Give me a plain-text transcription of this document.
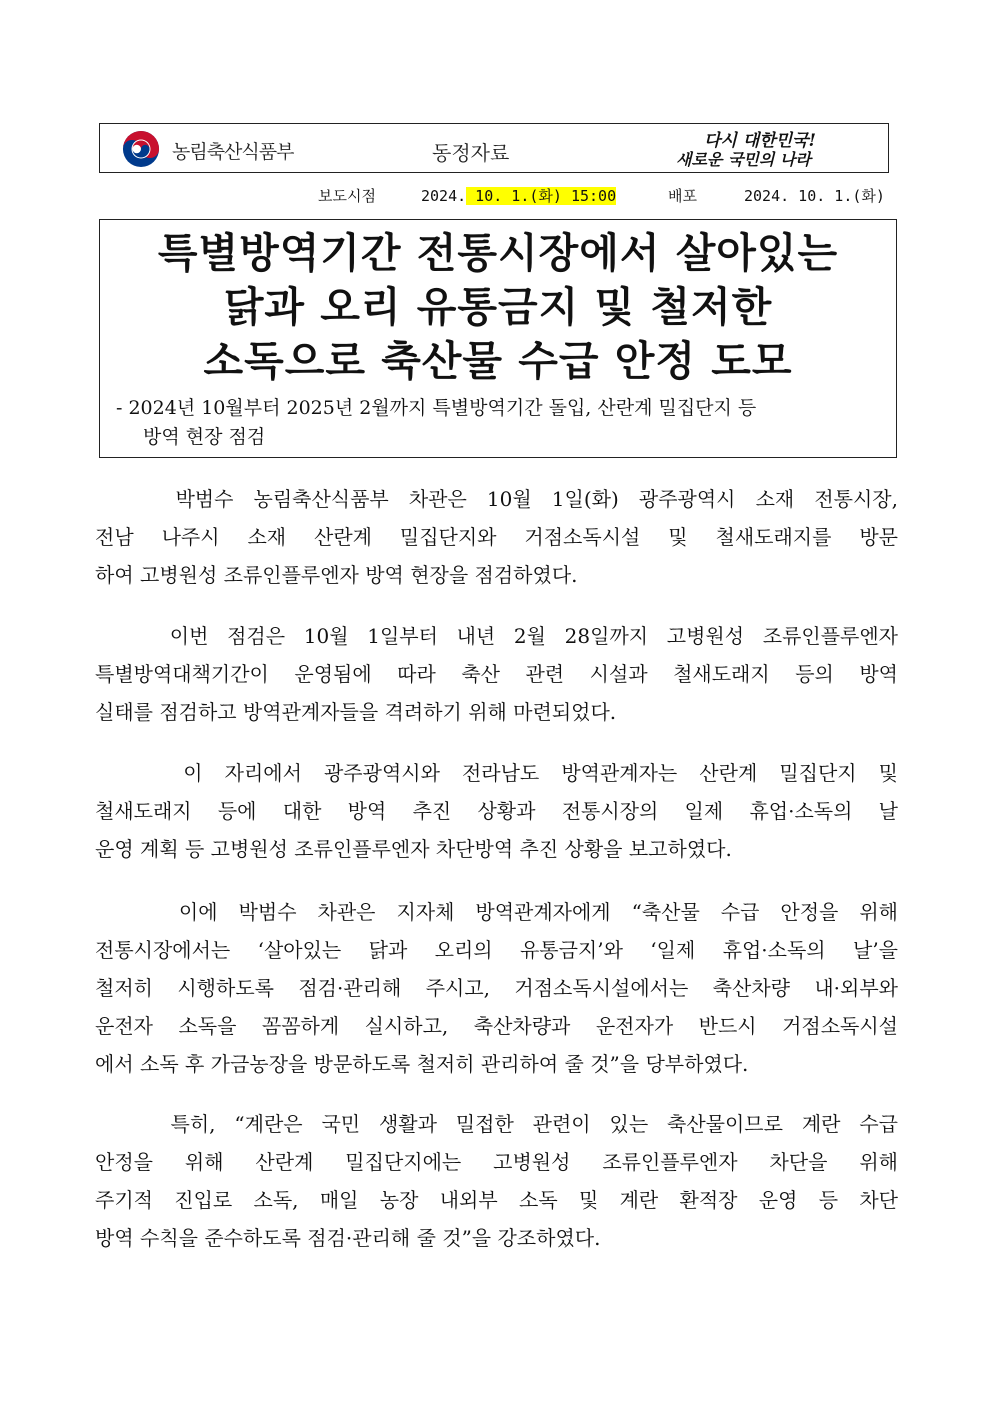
농림축산식품부	동정자료	다시 대한민국!
새로운 국민의 나라
보도시점	2024. 10. 1.(화) 15:00	배포	2024. 10. 1.(화)
특별방역기간 전통시장에서 살아있는
닭과 오리 유통금지 및 철저한
소독으로 축산물 수급 안정 도모
- 2024년 10월부터 2025년 2월까지 특별방역기간 돌입, 산란계 밀집단지 등
방역 현장 점검
박범수 농림축산식품부 차관은 10월 1일(화) 광주광역시 소재 전통시장,
전남 나주시 소재 산란계 밀집단지와 거점소독시설 및 철새도래지를 방문
하여 고병원성 조류인플루엔자 방역 현장을 점검하였다.
이번 점검은 10월 1일부터 내년 2월 28일까지 고병원성 조류인플루엔자
특별방역대책기간이 운영됨에 따라 축산 관련 시설과 철새도래지 등의 방역
실태를 점검하고 방역관계자들을 격려하기 위해 마련되었다.
이 자리에서 광주광역시와 전라남도 방역관계자는 산란계 밀집단지 및
철새도래지 등에 대한 방역 추진 상황과 전통시장의 일제 휴업·소독의 날
운영 계획 등 고병원성 조류인플루엔자 차단방역 추진 상황을 보고하였다.
이에 박범수 차관은 지자체 방역관계자에게 “축산물 수급 안정을 위해
전통시장에서는 ‘살아있는 닭과 오리의 유통금지’와 ‘일제 휴업·소독의 날’을
철저히 시행하도록 점검·관리해 주시고, 거점소독시설에서는 축산차량 내·외부와
운전자 소독을 꼼꼼하게 실시하고, 축산차량과 운전자가 반드시 거점소독시설
에서 소독 후 가금농장을 방문하도록 철저히 관리하여 줄 것”을 당부하였다.
특히, “계란은 국민 생활과 밀접한 관련이 있는 축산물이므로 계란 수급
안정을 위해 산란계 밀집단지에는 고병원성 조류인플루엔자 차단을 위해
주기적 진입로 소독, 매일 농장 내외부 소독 및 계란 환적장 운영 등 차단
방역 수칙을 준수하도록 점검·관리해 줄 것”을 강조하였다.
